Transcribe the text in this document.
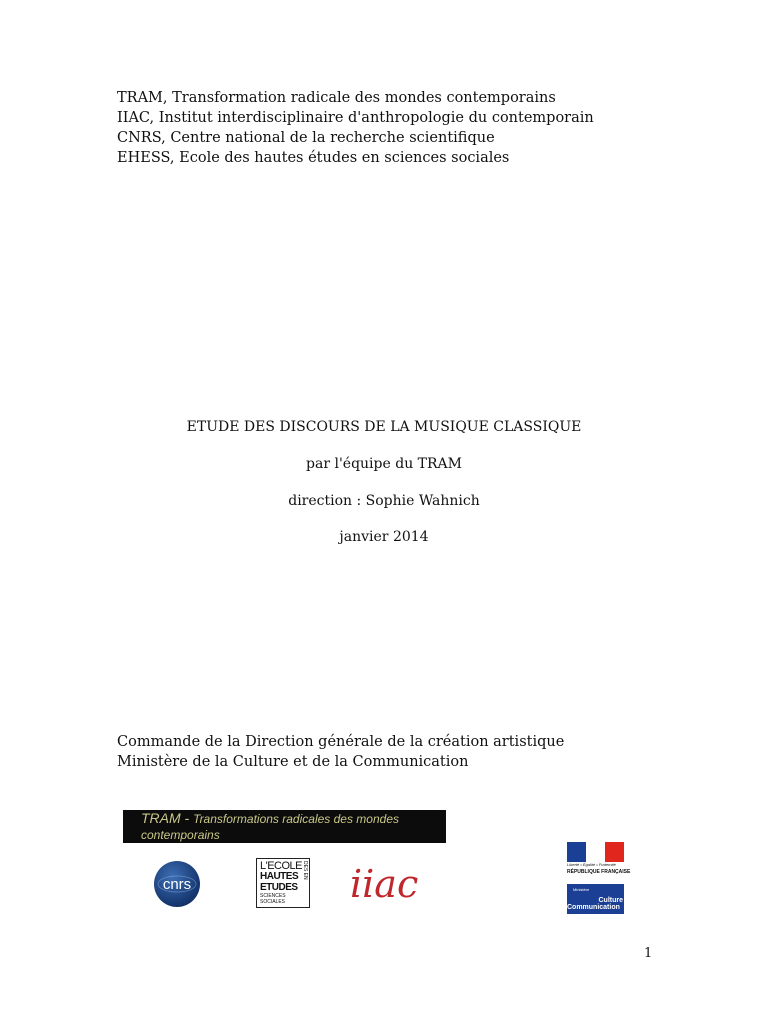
TRAM, Transformation radicale des mondes contemporains
IIAC, Institut interdisciplinaire d'anthropologie du contemporain
CNRS, Centre national de la recherche scientifique
EHESS, Ecole des hautes études en sciences sociales
ETUDE DES DISCOURS DE LA MUSIQUE CLASSIQUE
par l'équipe du TRAM
direction : Sophie Wahnich
janvier 2014
Commande de la Direction générale de la création artistique
Ministère de la Culture et de la Communication
TRAM - Transformations radicales des mondes
contemporains
cnrs
L'ECOLE
HAUTES
ETUDES
SCIENCES
SOCIALES
DES EN iiac	Liberté • Égalité • Fraternité
RÉPUBLIQUE FRANÇAISE
Ministère
Culture
Communication
1
